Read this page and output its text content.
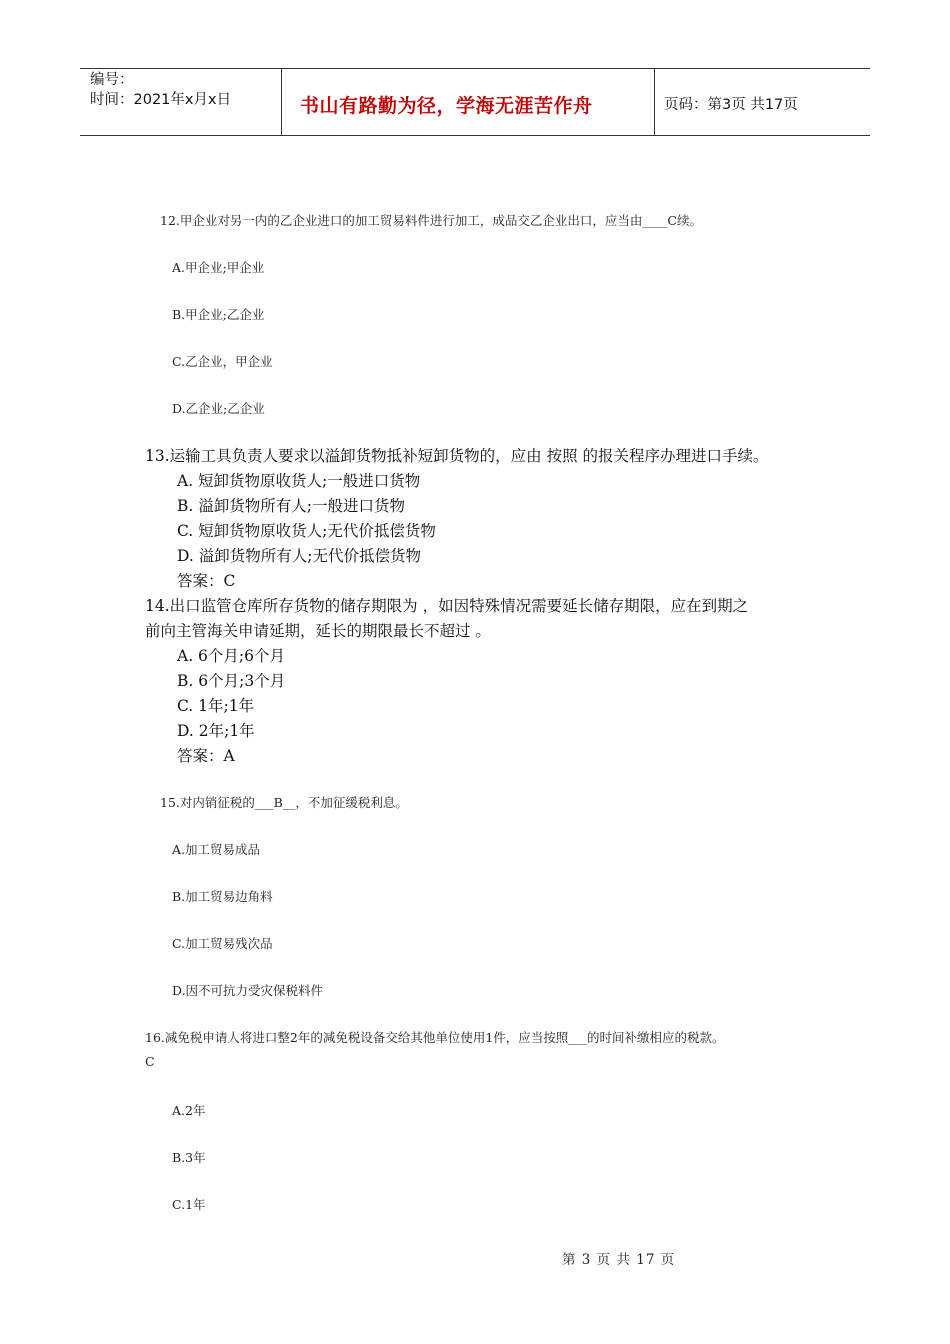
编号：
时间：2021年x月x日	书山有路勤为径，学海无涯苦作舟	页码：第3页 共17页
12.甲企业对另一内的乙企业进口的加工贸易料件进行加工，成品交乙企业出口，应当由____C续。
A.甲企业;甲企业
B.甲企业;乙企业
C.乙企业，甲企业
D.乙企业;乙企业
13.运输工具负责人要求以溢卸货物抵补短卸货物的，应由 按照 的报关程序办理进口手续。
A. 短卸货物原收货人;一般进口货物
B. 溢卸货物所有人;一般进口货物
C. 短卸货物原收货人;无代价抵偿货物
D. 溢卸货物所有人;无代价抵偿货物
答案：C
14.出口监管仓库所存货物的储存期限为 ，如因特殊情况需要延长储存期限，应在到期之
前向主管海关申请延期，延长的期限最长不超过 。
A. 6个月;6个月
B. 6个月;3个月
C. 1年;1年
D. 2年;1年
答案：A
15.对内销征税的___B__，不加征缓税利息。
A.加工贸易成品
B.加工贸易边角料
C.加工贸易残次品
D.因不可抗力受灾保税料件
16.减免税申请人将进口整2年的减免税设备交给其他单位使用1件，应当按照___的时间补缴相应的税款。
C
A.2年
B.3年
C.1年
第 3 页 共 17 页
